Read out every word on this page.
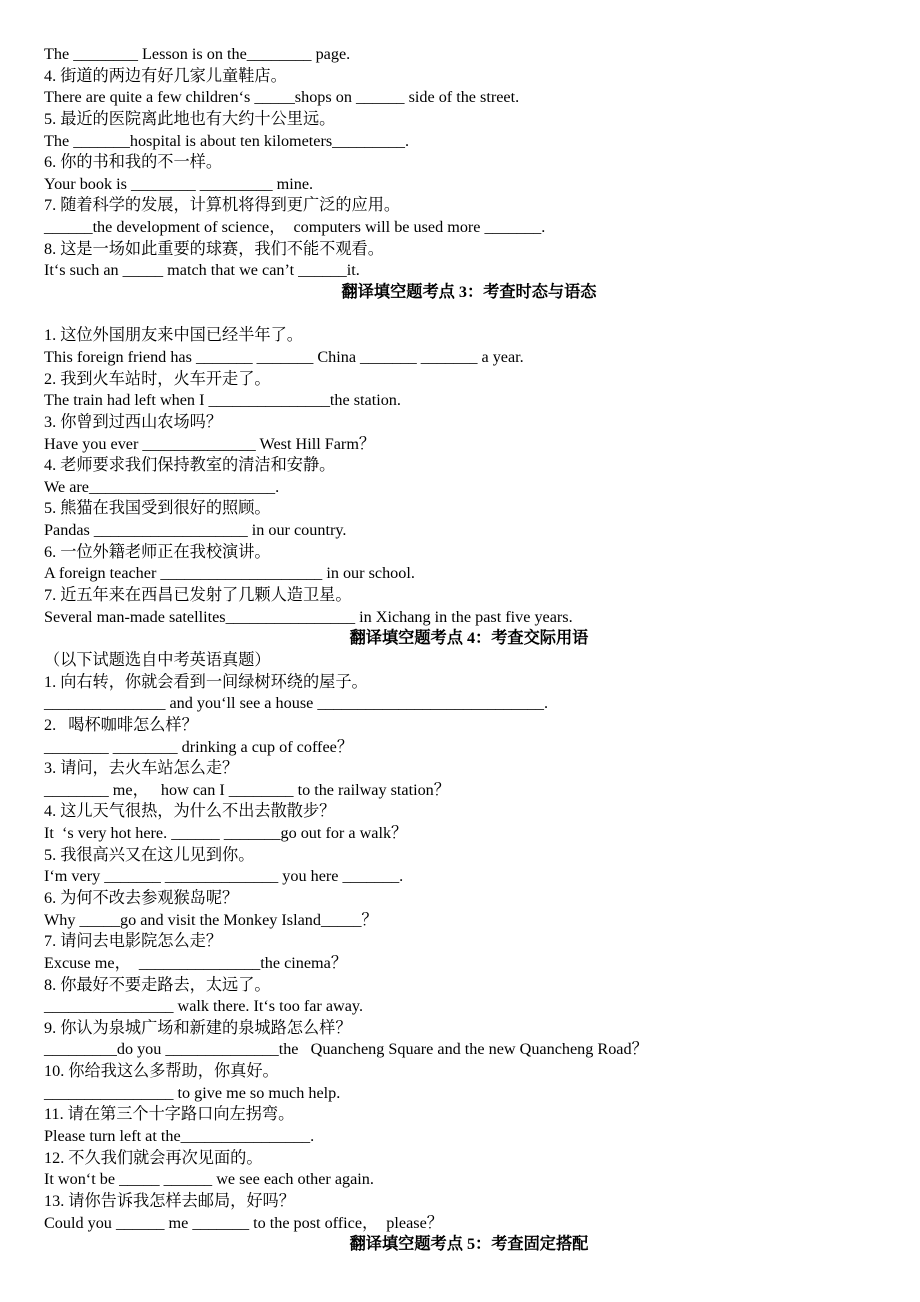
The ________ Lesson is on the________ page.
4. 街道的两边有好几家儿童鞋店。
There are quite a few children‘s _____shops on ______ side of the street.
5. 最近的医院离此地也有大约十公里远。
The _______hospital is about ten kilometers_________.
6. 你的书和我的不一样。
Your book is ________ _________ mine.
7. 随着科学的发展，计算机将得到更广泛的应用。
______the development of science，  computers will be used more _______.
8. 这是一场如此重要的球赛，我们不能不观看。
It‘s such an _____ match that we can’t ______it.
翻译填空题考点 3：考查时态与语态
1. 这位外国朋友来中国已经半年了。
This foreign friend has _______ _______ China _______ _______ a year.
2. 我到火车站时，火车开走了。
The train had left when I _______________the station.
3. 你曾到过西山农场吗？
Have you ever ______________ West Hill Farm？
4. 老师要求我们保持教室的清洁和安静。
We are_______________________.
5. 熊猫在我国受到很好的照顾。
Pandas ___________________ in our country.
6. 一位外籍老师正在我校演讲。
A foreign teacher ____________________ in our school.
7. 近五年来在西昌已发射了几颗人造卫星。
Several man-made satellites________________ in Xichang in the past five years.
翻译填空题考点 4：考查交际用语
（以下试题选自中考英语真题）
1. 向右转，你就会看到一间绿树环绕的屋子。
_______________ and you‘ll see a house ____________________________.
2.   喝杯咖啡怎么样？
________ ________ drinking a cup of coffee？
3. 请问，去火车站怎么走？
________ me，   how can I ________ to the railway station？
4. 这儿天气很热，为什么不出去散散步？
It  ‘s very hot here. ______ _______go out for a walk？
5. 我很高兴又在这儿见到你。
I‘m very _______ ______________ you here _______.
6. 为何不改去参观猴岛呢？
Why _____go and visit the Monkey Island_____？
7. 请问去电影院怎么走？
Excuse me，  _______________the cinema？
8. 你最好不要走路去，太远了。
________________ walk there. It‘s too far away.
9. 你认为泉城广场和新建的泉城路怎么样？
_________do you ______________the   Quancheng Square and the new Quancheng Road？
10. 你给我这么多帮助，你真好。
________________ to give me so much help.
11. 请在第三个十字路口向左拐弯。
Please turn left at the________________.
12. 不久我们就会再次见面的。
It won‘t be _____ ______ we see each other again.
13. 请你告诉我怎样去邮局，好吗？
Could you ______ me _______ to the post office，  please？
翻译填空题考点 5：考查固定搭配
